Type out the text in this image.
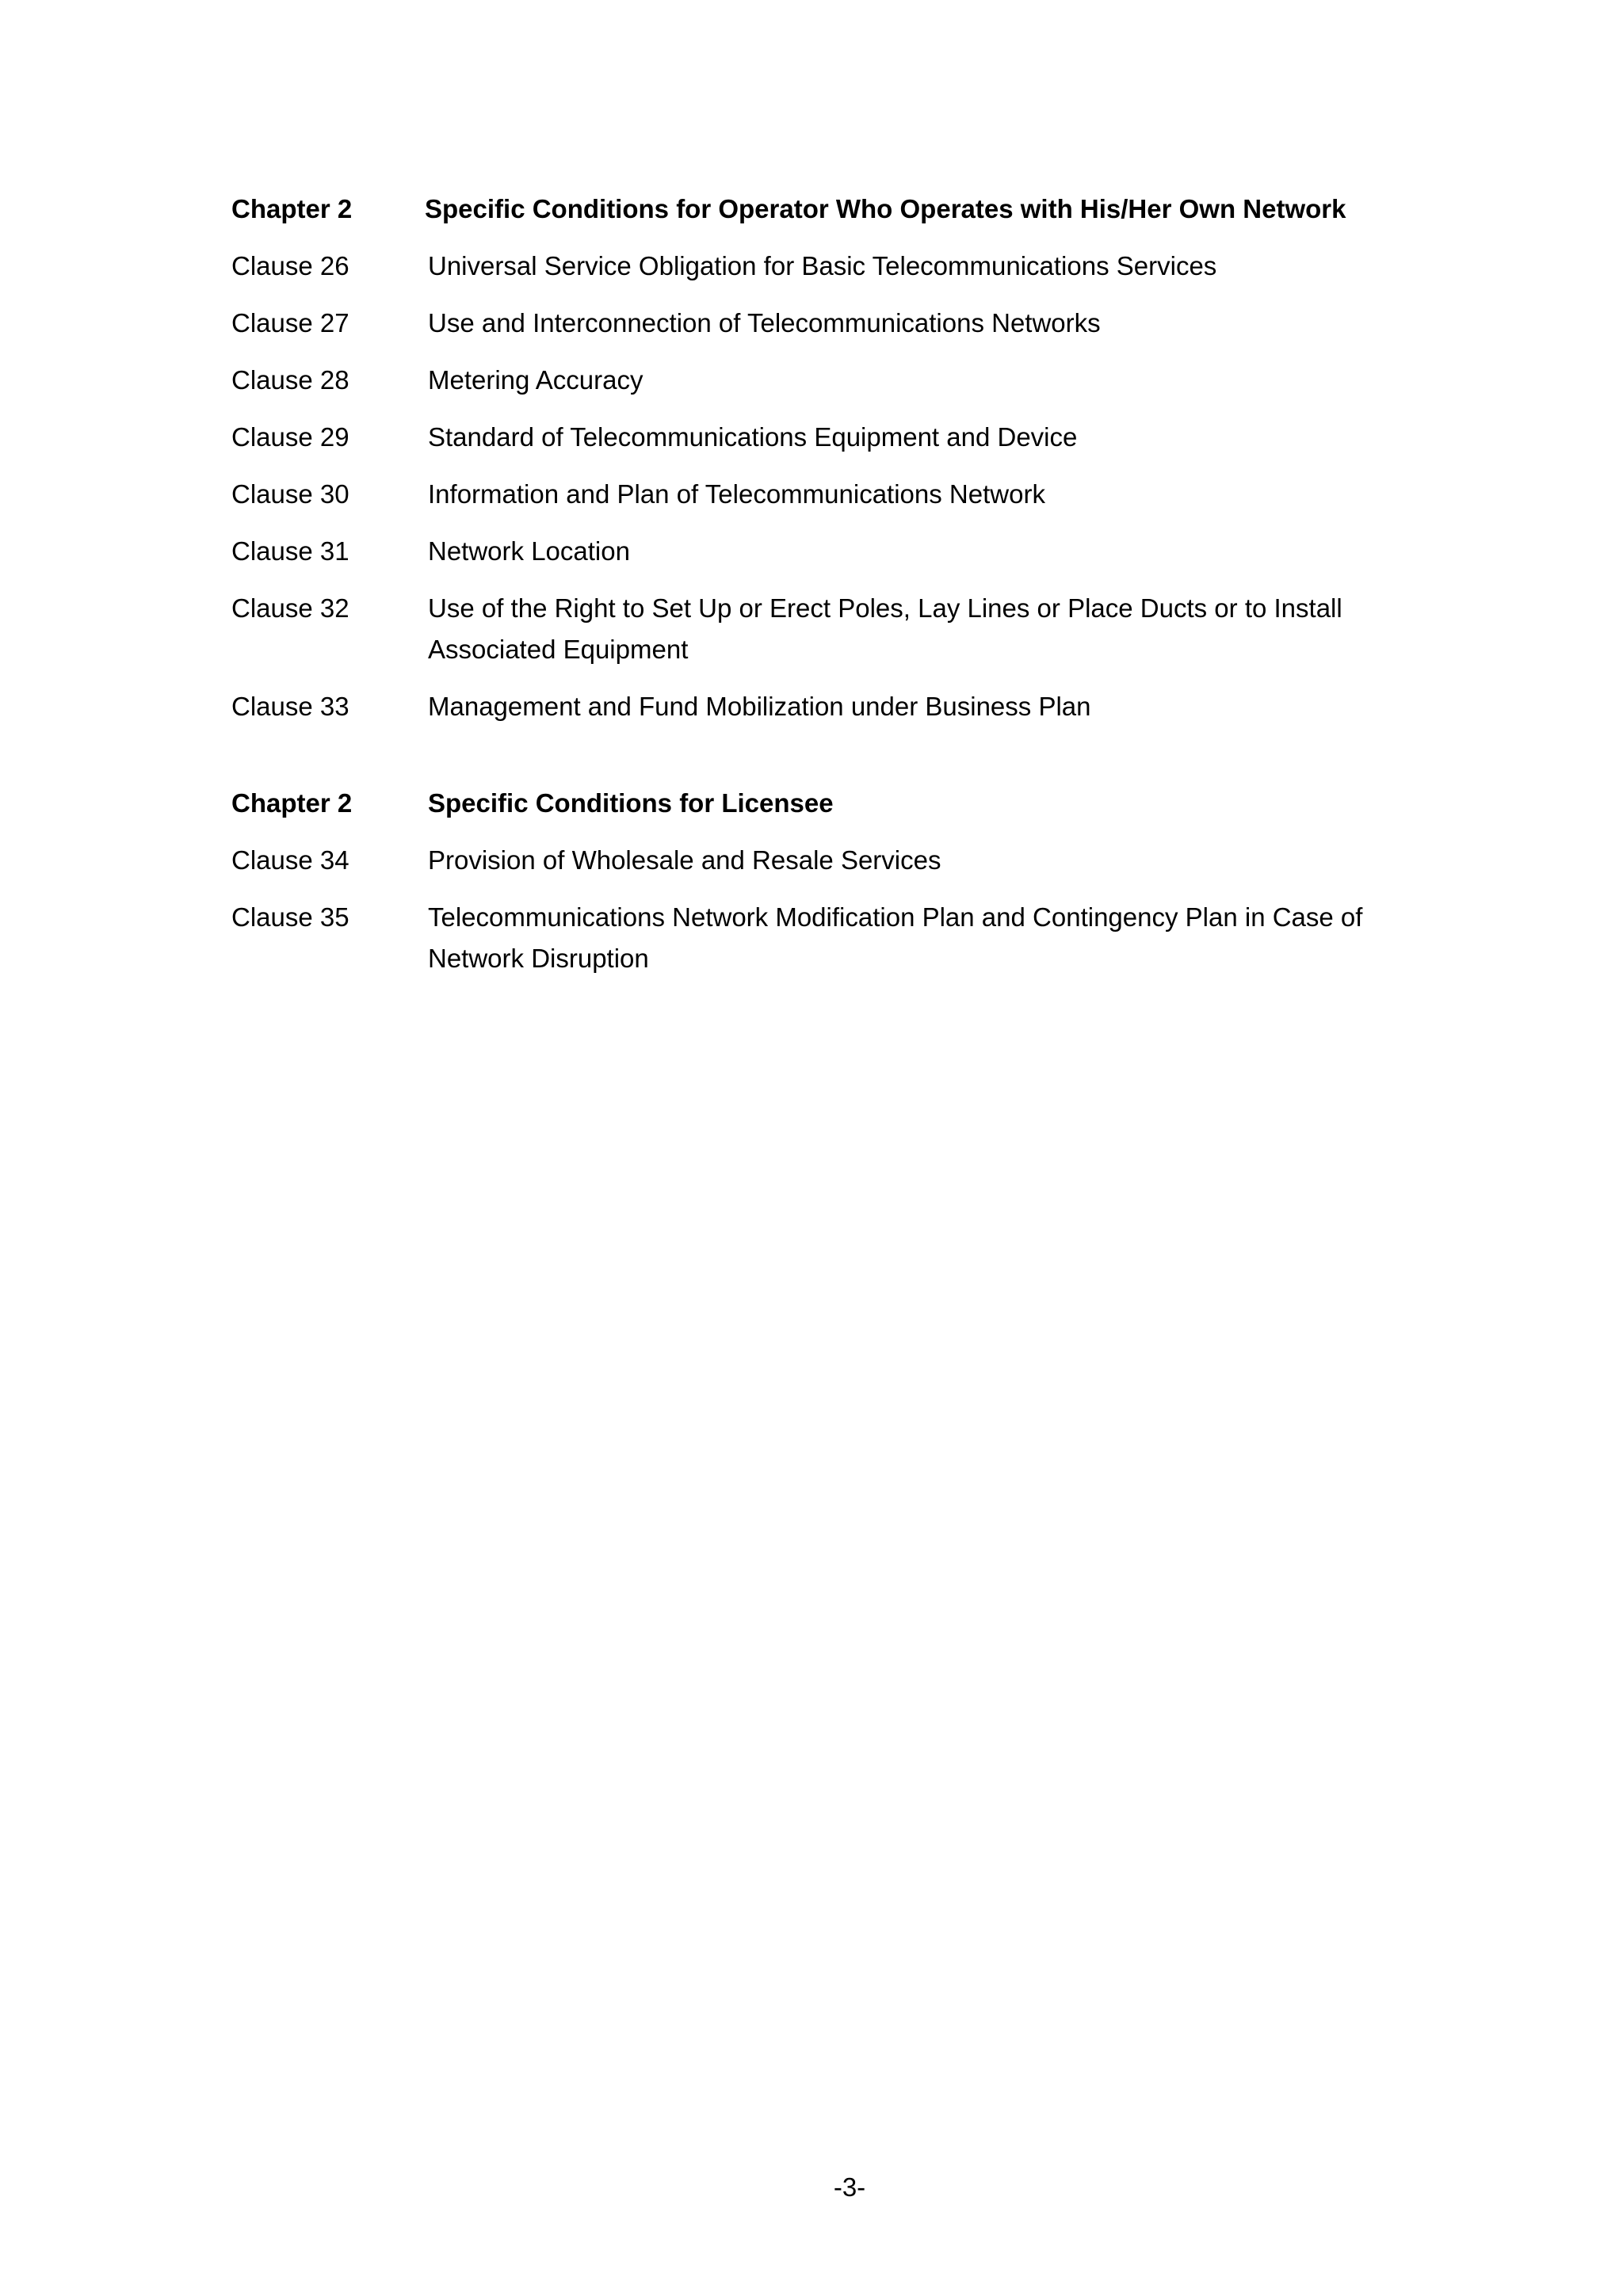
Chapter 2	Specific Conditions for Operator Who Operates with His/Her Own Network
Clause 26	Universal Service Obligation for Basic Telecommunications Services
Clause 27	Use and Interconnection of Telecommunications Networks
Clause 28	Metering Accuracy
Clause 29	Standard of Telecommunications Equipment and Device
Clause 30	Information and Plan of Telecommunications Network
Clause 31	Network Location
Clause 32	Use of the Right to Set Up or Erect Poles, Lay Lines or Place Ducts or to Install Associated Equipment
Clause 33	Management and Fund Mobilization under Business Plan
Chapter 2	Specific Conditions for Licensee
Clause 34	Provision of Wholesale and Resale Services
Clause 35	Telecommunications Network Modification Plan and Contingency Plan in Case of Network Disruption
-3-
